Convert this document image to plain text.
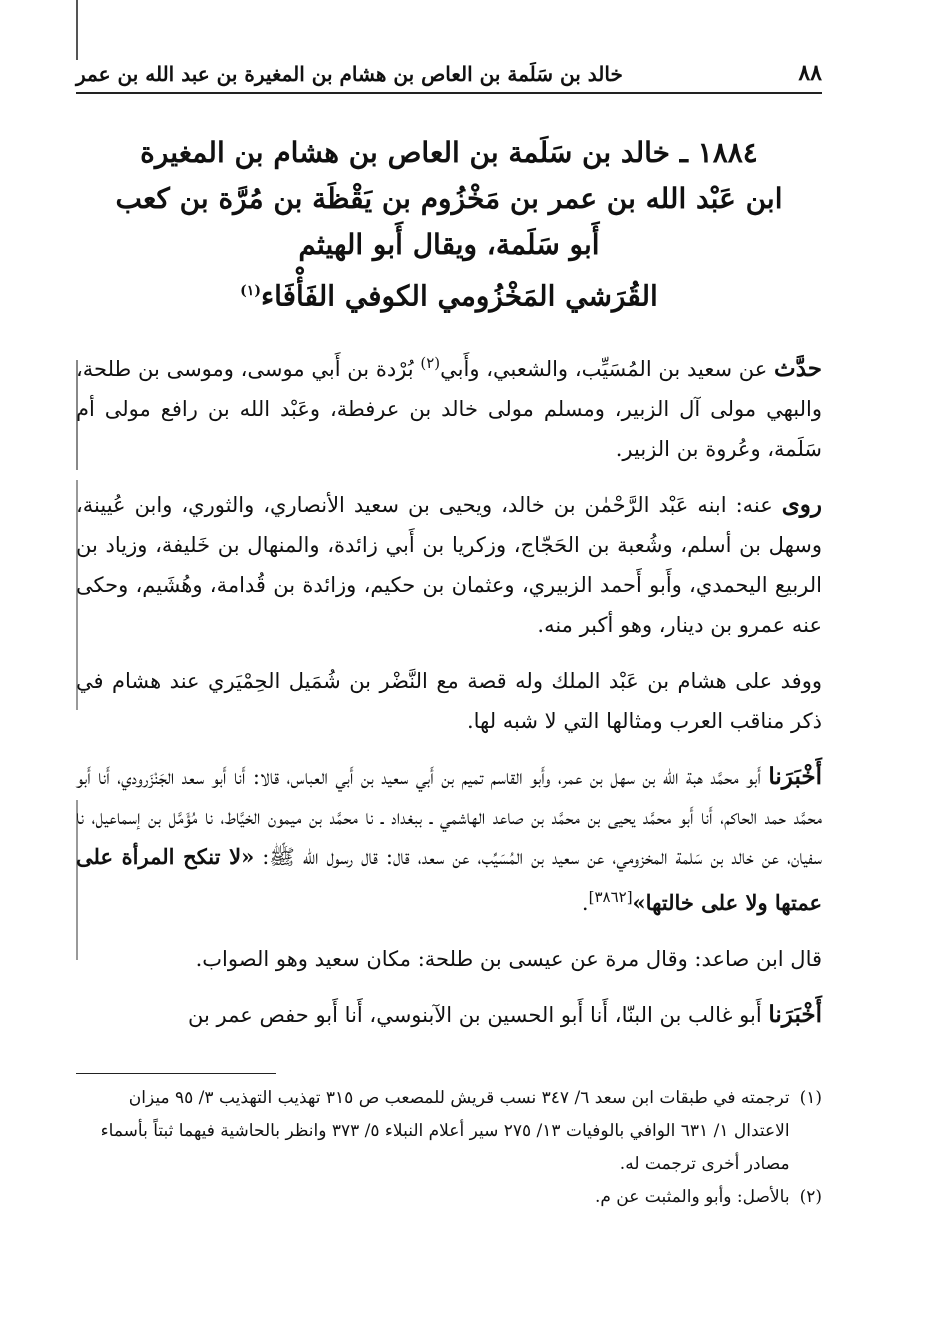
٨٨
خالد بن سَلَمة بن العاص بن هشام بن المغيرة بن عبد الله بن عمر
١٨٨٤ ـ خالد بن سَلَمة بن العاص بن هشام بن المغيرة
ابن عَبْد الله بن عمر بن مَخْزُوم بن يَقْظَة بن مُرَّة بن كعب
أَبو سَلَمة، ويقال أَبو الهيثم
القُرَشي المَخْزُومي الكوفي الفَأْفَاء$^{(١)}$

حدَّث عن سعيد بن المُسَيِّب، والشعبي، وأَبي$^{(٢)}$ بُرْدة بن أَبي موسى، وموسى بن طلحة، والبهي مولى آل الزبير، ومسلم مولى خالد بن عرفطة، وعَبْد الله بن رافع مولى أم سَلَمة، وعُروة بن الزبير.

روى عنه: ابنه عَبْد الرَّحْمٰن بن خالد، ويحيى بن سعيد الأنصاري، والثوري، وابن عُيينة، وسهل بن أسلم، وشُعبة بن الحَجّاج، وزكريا بن أَبي زائدة، والمنهال بن خَليفة، وزياد بن الربيع اليحمدي، وأَبو أَحمد الزبيري، وعثمان بن حكيم، وزائدة بن قُدامة، وهُشَيم، وحكى عنه عمرو بن دينار، وهو أكبر منه.

ووفد على هشام بن عَبْد الملك وله قصة مع النَّضْر بن شُمَيل الحِمْيَري عند هشام في ذكر مناقب العرب ومثالها التي لا شبه لها.

أَخْبَرَنا أَبو محمَّد هبة الله بن سهل بن عمر، وأَبو القاسم تميم بن أَبي سعيد بن أَبي العباس، قالا: أَنا أَبو سعد الجَنْزَرودي، أَنا أَبو محمَّد حمد الحاكم، أَنا أَبو محمَّد يحيى بن محمَّد بن صاعد الهاشمي ـ ببغداد ـ نا محمَّد بن ميمون الخيَّاط، نا مُؤَمَّل بن إسماعيل، نا سفيان، عن خالد بن سَلمة المخزومي، عن سعيد بن المُسَيِّب، عن سعد، قال: قال رسول الله ﷺ: «لا تنكح المرأة على عمتها ولا على خالتها»[٣٨٦٢].

قال ابن صاعد: وقال مرة عن عيسى بن طلحة: مكان سعيد وهو الصواب.

أَخْبَرَنا أَبو غالب بن البنّا، أَنا أَبو الحسين بن الآبنوسي، أَنا أَبو حفص عمر بن

(١)
ترجمته في طبقات ابن سعد ٦/ ٣٤٧ نسب قريش للمصعب ص ٣١٥ تهذيب التهذيب ٣/ ٩٥ ميزان الاعتدال ١/ ٦٣١ الوافي بالوفيات ١٣/ ٢٧٥ سير أعلام النبلاء ٥/ ٣٧٣ وانظر بالحاشية فيهما ثبتاً بأسماء مصادر أخرى ترجمت له.
(٢)
بالأصل: وأبو والمثبت عن م.
